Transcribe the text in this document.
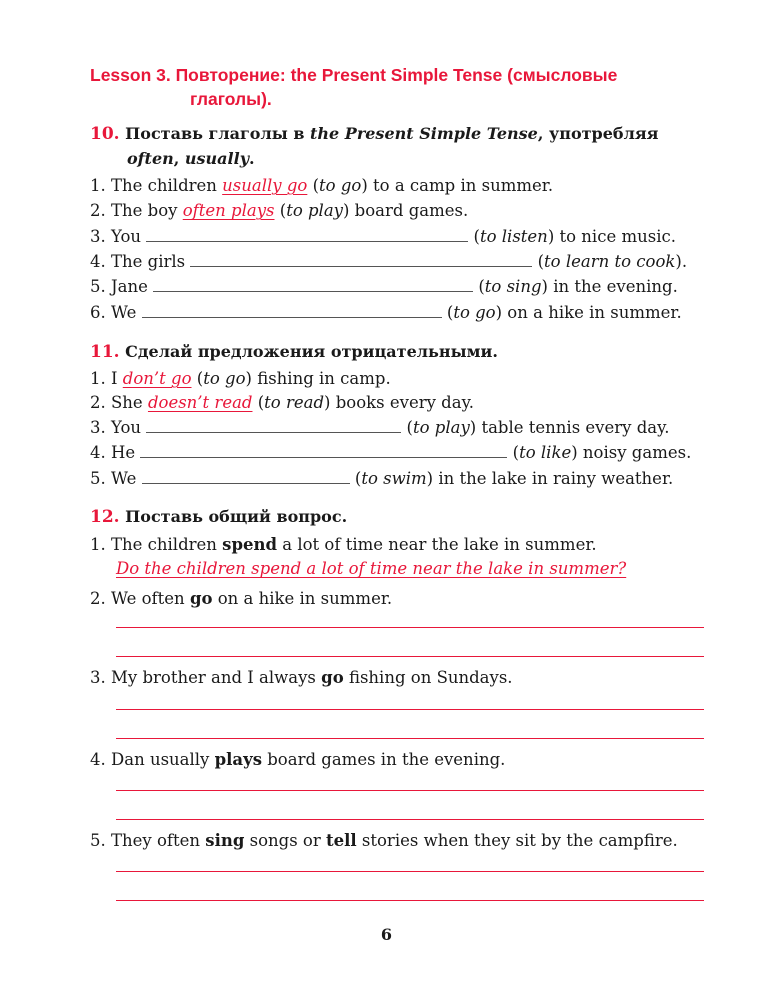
Lesson 3. Повторение: the Present Simple Tense (смысловые
глаголы).
10. Поставь глаголы в the Present Simple Tense, употребляя
often, usually.
1. The children usually go (to go) to a camp in summer.
2. The boy often plays (to play) board games.
3. You	(to listen) to nice music.
4. The girls	(to learn to cook).
5. Jane	(to sing) in the evening.
6. We	(to go) on a hike in summer.
11. Сделай предложения отрицательными.
1. I don’t go (to go) fishing in camp.
2. She doesn’t read (to read) books every day.
3. You	(to play) table tennis every day.
4. He	(to like) noisy games.
5. We	(to swim) in the lake in rainy weather.
12. Поставь общий вопрос.
1. The children spend a lot of time near the lake in summer.
Do the children spend a lot of time near the lake in summer?
2. We often go on a hike in summer.
3. My brother and I always go fishing on Sundays.
4. Dan usually plays board games in the evening.
5. They often sing songs or tell stories when they sit by the campfire.
6
